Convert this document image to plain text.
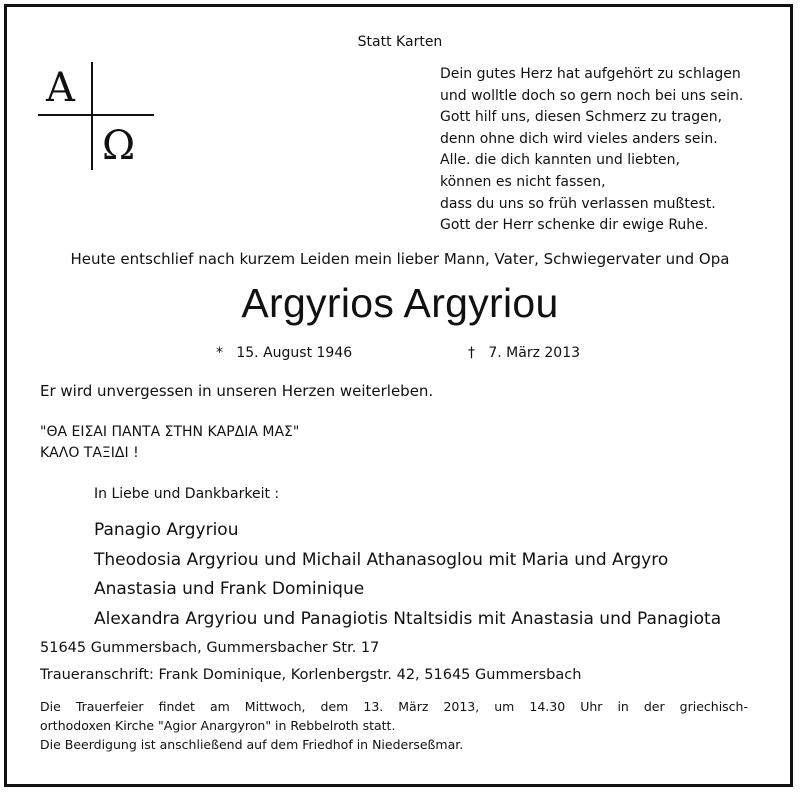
Statt Karten
A
Ω
Dein gutes Herz hat aufgehört zu schlagen
und wolltle doch so gern noch bei uns sein.
Gott hilf uns, diesen Schmerz zu tragen,
denn ohne dich wird vieles anders sein.
Alle. die dich kannten und liebten,
können es nicht fassen,
dass du uns so früh verlassen mußtest.
Gott der Herr schenke dir ewige Ruhe.
Heute entschlief nach kurzem Leiden mein lieber Mann, Vater, Schwiegervater und Opa
Argyrios Argyriou
* 15. August 1946	† 7. März 2013
Er wird unvergessen in unseren Herzen weiterleben.
"ΘΑ ΕΙΣΑΙ ΠΑΝΤΑ ΣΤΗΝ ΚΑΡΔΙΑ ΜΑΣ"
ΚΑΛΟ ΤΑΞΙΔΙ !
In Liebe und Dankbarkeit :
Panagio Argyriou
Theodosia Argyriou und Michail Athanasoglou mit Maria und Argyro
Anastasia und Frank Dominique
Alexandra Argyriou und Panagiotis Ntaltsidis mit Anastasia und Panagiota
51645 Gummersbach, Gummersbacher Str. 17
Traueranschrift: Frank Dominique, Korlenbergstr. 42, 51645 Gummersbach
Die Trauerfeier findet am Mittwoch, dem 13. März 2013, um 14.30 Uhr in der griechisch-
orthodoxen Kirche "Agior Anargyron" in Rebbelroth statt.
Die Beerdigung ist anschließend auf dem Friedhof in Niederseßmar.
